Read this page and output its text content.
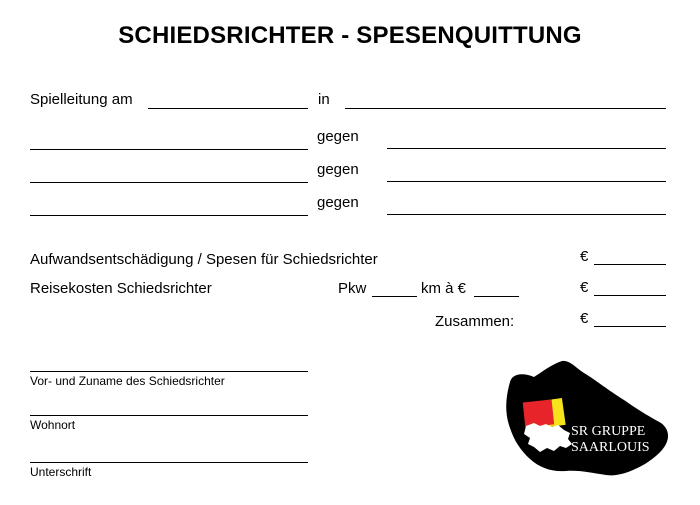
SCHIEDSRICHTER - SPESENQUITTUNG
Spielleitung am	in
gegen
gegen
gegen
Aufwandsentschädigung / Spesen für Schiedsrichter	€
Reisekosten Schiedsrichter	Pkw	km à €	€
Zusammen:	€
Vor- und Zuname des Schiedsrichter
Wohnort
Unterschrift
SR GRUPPE
SAARLOUIS
